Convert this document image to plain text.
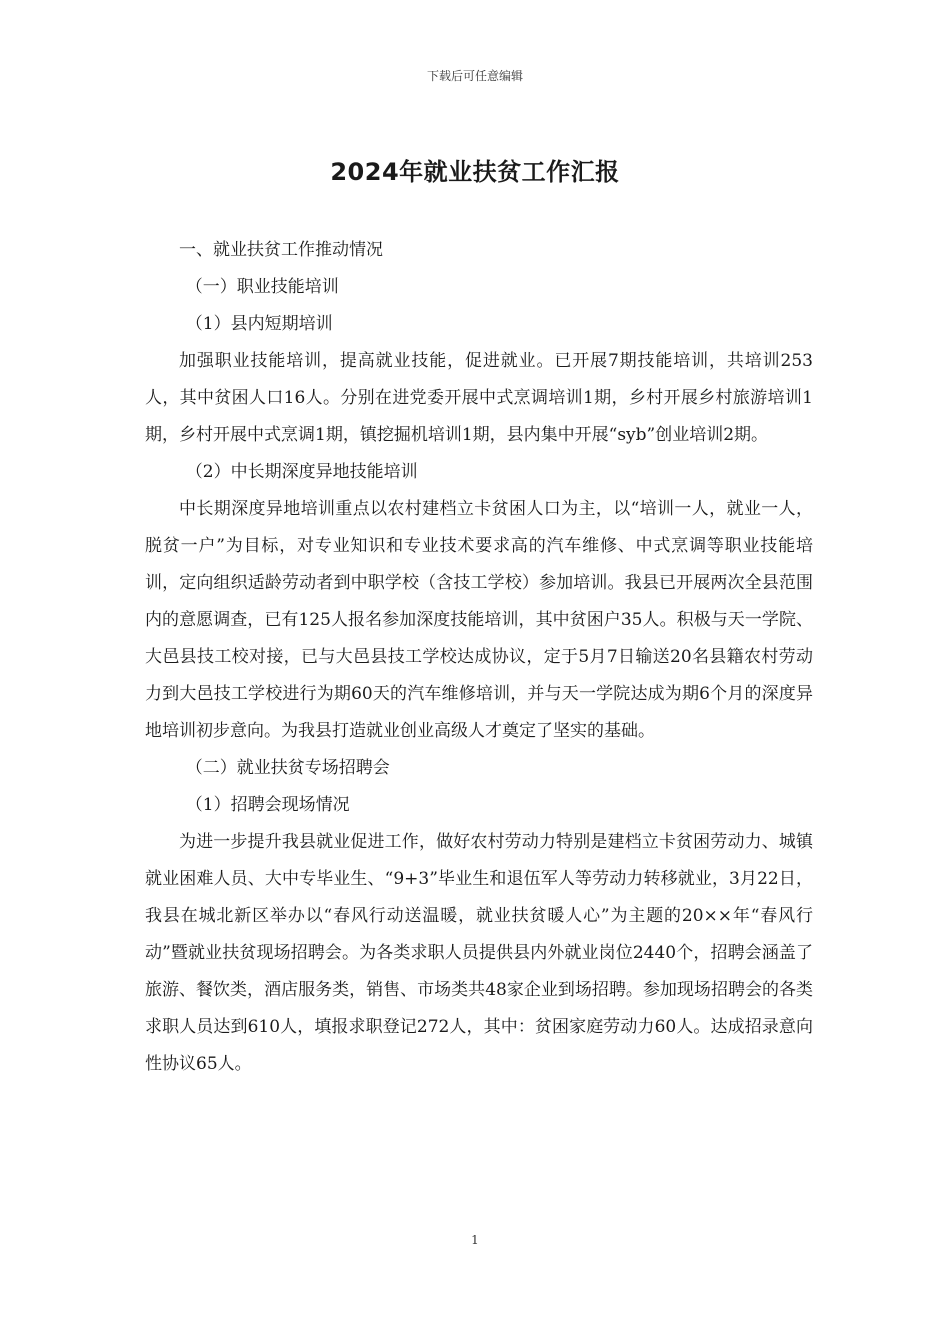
下载后可任意编辑
2024年就业扶贫工作汇报

一、就业扶贫工作推动情况

（一）职业技能培训

（1）县内短期培训

加强职业技能培训，提高就业技能，促进就业。已开展7期技能培训，共培训253人，其中贫困人口16人。分别在进党委开展中式烹调培训1期，乡村开展乡村旅游培训1期，乡村开展中式烹调1期，镇挖掘机培训1期，县内集中开展“syb”创业培训2期。

（2）中长期深度异地技能培训

中长期深度异地培训重点以农村建档立卡贫困人口为主，以“培训一人，就业一人，脱贫一户”为目标，对专业知识和专业技术要求高的汽车维修、中式烹调等职业技能培训，定向组织适龄劳动者到中职学校（含技工学校）参加培训。我县已开展两次全县范围内的意愿调查，已有125人报名参加深度技能培训，其中贫困户35人。积极与天一学院、大邑县技工校对接，已与大邑县技工学校达成协议，定于5月7日输送20名县籍农村劳动力到大邑技工学校进行为期60天的汽车维修培训，并与天一学院达成为期6个月的深度异地培训初步意向。为我县打造就业创业高级人才奠定了坚实的基础。

（二）就业扶贫专场招聘会

（1）招聘会现场情况

为进一步提升我县就业促进工作，做好农村劳动力特别是建档立卡贫困劳动力、城镇就业困难人员、大中专毕业生、“9+3”毕业生和退伍军人等劳动力转移就业，3月22日，我县在城北新区举办以“春风行动送温暖，就业扶贫暖人心”为主题的20××年“春风行动”暨就业扶贫现场招聘会。为各类求职人员提供县内外就业岗位2440个，招聘会涵盖了旅游、餐饮类，酒店服务类，销售、市场类共48家企业到场招聘。参加现场招聘会的各类求职人员达到610人，填报求职登记272人，其中：贫困家庭劳动力60人。达成招录意向性协议65人。

1
